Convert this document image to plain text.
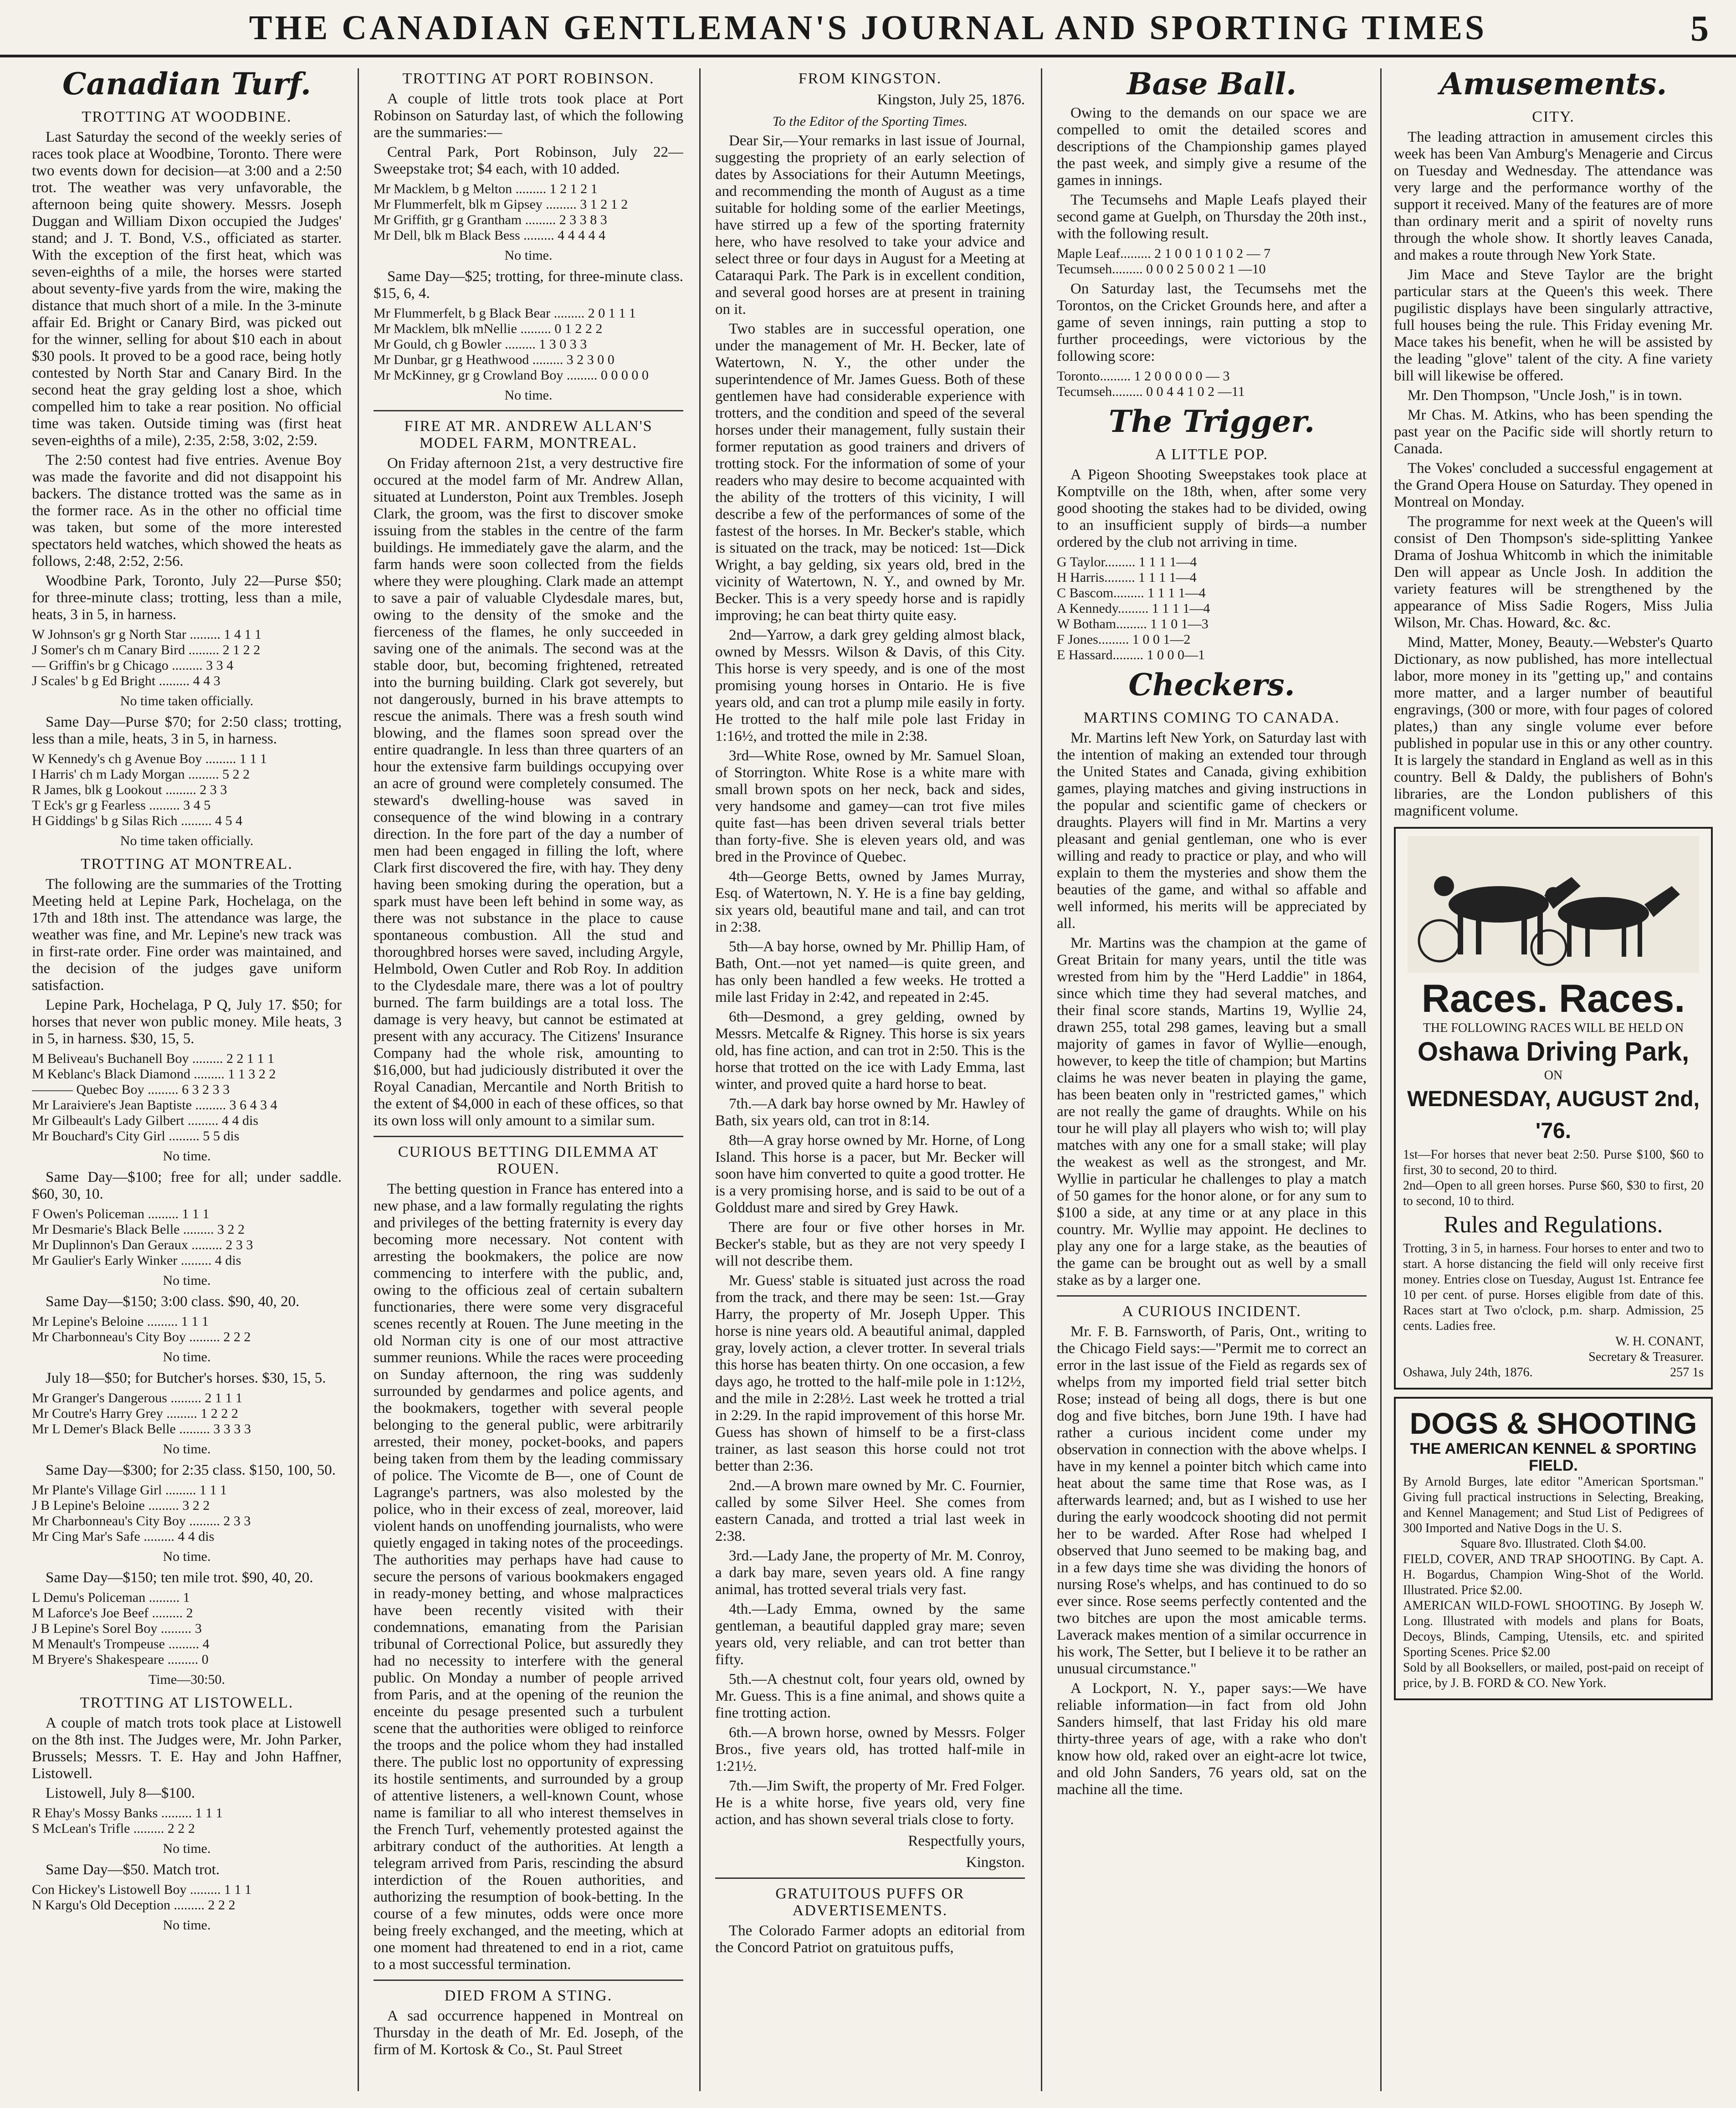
THE CANADIAN GENTLEMAN'S JOURNAL AND SPORTING TIMES	5
Canadian Turf.
TROTTING AT WOODBINE.

Last Saturday the second of the weekly series of races took place at Woodbine, Toronto. There were two events down for decision—at 3:00 and a 2:50 trot. The weather was very unfavorable, the afternoon being quite showery. Messrs. Joseph Duggan and William Dixon occupied the Judges' stand; and J. T. Bond, V.S., officiated as starter. With the exception of the first heat, which was seven-eighths of a mile, the horses were started about seventy-five yards from the wire, making the distance that much short of a mile. In the 3-minute affair Ed. Bright or Canary Bird, was picked out for the winner, selling for about $10 each in about $30 pools. It proved to be a good race, being hotly contested by North Star and Canary Bird. In the second heat the gray gelding lost a shoe, which compelled him to take a rear position. No official time was taken. Outside timing was (first heat seven-eighths of a mile), 2:35, 2:58, 3:02, 2:59.

The 2:50 contest had five entries. Avenue Boy was made the favorite and did not disappoint his backers. The distance trotted was the same as in the former race. As in the other no official time was taken, but some of the more interested spectators held watches, which showed the heats as follows, 2:48, 2:52, 2:56.

Woodbine Park, Toronto, July 22—Purse $50; for three-minute class; trotting, less than a mile, heats, 3 in 5, in harness.

W Johnson's gr g North Star ......... 1 4 1 1
J Somer's ch m Canary Bird ......... 2 1 2 2
— Griffin's br g Chicago ......... 3 3 4
J Scales' b g Ed Bright ......... 4 4 3
No time taken officially.

Same Day—Purse $70; for 2:50 class; trotting, less than a mile, heats, 3 in 5, in harness.

W Kennedy's ch g Avenue Boy ......... 1 1 1
I Harris' ch m Lady Morgan ......... 5 2 2
R James, blk g Lookout ......... 2 3 3
T Eck's gr g Fearless ......... 3 4 5
H Giddings' b g Silas Rich ......... 4 5 4
No time taken officially.
TROTTING AT MONTREAL.

The following are the summaries of the Trotting Meeting held at Lepine Park, Hochelaga, on the 17th and 18th inst. The attendance was large, the weather was fine, and Mr. Lepine's new track was in first-rate order. Fine order was maintained, and the decision of the judges gave uniform satisfaction.

Lepine Park, Hochelaga, P Q, July 17. $50; for horses that never won public money. Mile heats, 3 in 5, in harness. $30, 15, 5.

M Beliveau's Buchanell Boy ......... 2 2 1 1 1
M Keblanc's Black Diamond ......... 1 1 3 2 2
——— Quebec Boy ......... 6 3 2 3 3
Mr Laraiviere's Jean Baptiste ......... 3 6 4 3 4
Mr Gilbeault's Lady Gilbert ......... 4 4 dis
Mr Bouchard's City Girl ......... 5 5 dis
No time.

Same Day—$100; free for all; under saddle. $60, 30, 10.

F Owen's Policeman ......... 1 1 1
Mr Desmarie's Black Belle ......... 3 2 2
Mr Duplinnon's Dan Geraux ......... 2 3 3
Mr Gaulier's Early Winker ......... 4 dis
No time.

Same Day—$150; 3:00 class. $90, 40, 20.

Mr Lepine's Beloine ......... 1 1 1
Mr Charbonneau's City Boy ......... 2 2 2
No time.

July 18—$50; for Butcher's horses. $30, 15, 5.

Mr Granger's Dangerous ......... 2 1 1 1
Mr Coutre's Harry Grey ......... 1 2 2 2
Mr L Demer's Black Belle ......... 3 3 3 3
No time.

Same Day—$300; for 2:35 class. $150, 100, 50.

Mr Plante's Village Girl ......... 1 1 1
J B Lepine's Beloine ......... 3 2 2
Mr Charbonneau's City Boy ......... 2 3 3
Mr Cing Mar's Safe ......... 4 4 dis
No time.

Same Day—$150; ten mile trot. $90, 40, 20.

L Demu's Policeman ......... 1
M Laforce's Joe Beef ......... 2
J B Lepine's Sorel Boy ......... 3
M Menault's Trompeuse ......... 4
M Bryere's Shakespeare ......... 0
Time—30:50.
TROTTING AT LISTOWELL.

A couple of match trots took place at Listowell on the 8th inst. The Judges were, Mr. John Parker, Brussels; Messrs. T. E. Hay and John Haffner, Listowell.

Listowell, July 8—$100.

R Ehay's Mossy Banks ......... 1 1 1
S McLean's Trifle ......... 2 2 2
No time.

Same Day—$50. Match trot.

Con Hickey's Listowell Boy ......... 1 1 1
N Kargu's Old Deception ......... 2 2 2
No time.
TROTTING AT PORT ROBINSON.

A couple of little trots took place at Port Robinson on Saturday last, of which the following are the summaries:—

Central Park, Port Robinson, July 22—Sweepstake trot; $4 each, with 10 added.

Mr Macklem, b g Melton ......... 1 2 1 2 1
Mr Flummerfelt, blk m Gipsey ......... 3 1 2 1 2
Mr Griffith, gr g Grantham ......... 2 3 3 8 3
Mr Dell, blk m Black Bess ......... 4 4 4 4 4
No time.

Same Day—$25; trotting, for three-minute class. $15, 6, 4.

Mr Flummerfelt, b g Black Bear ......... 2 0 1 1 1
Mr Macklem, blk mNellie ......... 0 1 2 2 2
Mr Gould, ch g Bowler ......... 1 3 0 3 3
Mr Dunbar, gr g Heathwood ......... 3 2 3 0 0
Mr McKinney, gr g Crowland Boy ......... 0 0 0 0 0
No time.
FIRE AT MR. ANDREW ALLAN'S MODEL FARM, MONTREAL.

On Friday afternoon 21st, a very destructive fire occured at the model farm of Mr. Andrew Allan, situated at Lunderston, Point aux Trembles. Joseph Clark, the groom, was the first to discover smoke issuing from the stables in the centre of the farm buildings. He immediately gave the alarm, and the farm hands were soon collected from the fields where they were ploughing. Clark made an attempt to save a pair of valuable Clydesdale mares, but, owing to the density of the smoke and the fierceness of the flames, he only succeeded in saving one of the animals. The second was at the stable door, but, becoming frightened, retreated into the burning building. Clark got severely, but not dangerously, burned in his brave attempts to rescue the animals. There was a fresh south wind blowing, and the flames soon spread over the entire quadrangle. In less than three quarters of an hour the extensive farm buildings occupying over an acre of ground were completely consumed. The steward's dwelling-house was saved in consequence of the wind blowing in a contrary direction. In the fore part of the day a number of men had been engaged in filling the loft, where Clark first discovered the fire, with hay. They deny having been smoking during the operation, but a spark must have been left behind in some way, as there was not substance in the place to cause spontaneous combustion. All the stud and thoroughbred horses were saved, including Argyle, Helmbold, Owen Cutler and Rob Roy. In addition to the Clydesdale mare, there was a lot of poultry burned. The farm buildings are a total loss. The damage is very heavy, but cannot be estimated at present with any accuracy. The Citizens' Insurance Company had the whole risk, amounting to $16,000, but had judiciously distributed it over the Royal Canadian, Mercantile and North British to the extent of $4,000 in each of these offices, so that its own loss will only amount to a similar sum.

CURIOUS BETTING DILEMMA AT ROUEN.

The betting question in France has entered into a new phase, and a law formally regulating the rights and privileges of the betting fraternity is every day becoming more necessary. Not content with arresting the bookmakers, the police are now commencing to interfere with the public, and, owing to the officious zeal of certain subaltern functionaries, there were some very disgraceful scenes recently at Rouen. The June meeting in the old Norman city is one of our most attractive summer reunions. While the races were proceeding on Sunday afternoon, the ring was suddenly surrounded by gendarmes and police agents, and the bookmakers, together with several people belonging to the general public, were arbitrarily arrested, their money, pocket-books, and papers being taken from them by the leading commissary of police. The Vicomte de B—, one of Count de Lagrange's partners, was also molested by the police, who in their excess of zeal, moreover, laid violent hands on unoffending journalists, who were quietly engaged in taking notes of the proceedings. The authorities may perhaps have had cause to secure the persons of various bookmakers engaged in ready-money betting, and whose malpractices have been recently visited with their condemnations, emanating from the Parisian tribunal of Correctional Police, but assuredly they had no necessity to interfere with the general public. On Monday a number of people arrived from Paris, and at the opening of the reunion the enceinte du pesage presented such a turbulent scene that the authorities were obliged to reinforce the troops and the police whom they had installed there. The public lost no opportunity of expressing its hostile sentiments, and surrounded by a group of attentive listeners, a well-known Count, whose name is familiar to all who interest themselves in the French Turf, vehemently protested against the arbitrary conduct of the authorities. At length a telegram arrived from Paris, rescinding the absurd interdiction of the Rouen authorities, and authorizing the resumption of book-betting. In the course of a few minutes, odds were once more being freely exchanged, and the meeting, which at one moment had threatened to end in a riot, came to a most successful termination.

DIED FROM A STING.

A sad occurrence happened in Montreal on Thursday in the death of Mr. Ed. Joseph, of the firm of M. Kortosk & Co., St. Paul Street

FROM KINGSTON.
Kingston, July 25, 1876.
To the Editor of the Sporting Times.

Dear Sir,—Your remarks in last issue of Journal, suggesting the propriety of an early selection of dates by Associations for their Autumn Meetings, and recommending the month of August as a time suitable for holding some of the earlier Meetings, have stirred up a few of the sporting fraternity here, who have resolved to take your advice and select three or four days in August for a Meeting at Cataraqui Park. The Park is in excellent condition, and several good horses are at present in training on it.

Two stables are in successful operation, one under the management of Mr. H. Becker, late of Watertown, N. Y., the other under the superintendence of Mr. James Guess. Both of these gentlemen have had considerable experience with trotters, and the condition and speed of the several horses under their management, fully sustain their former reputation as good trainers and drivers of trotting stock. For the information of some of your readers who may desire to become acquainted with the ability of the trotters of this vicinity, I will describe a few of the performances of some of the fastest of the horses. In Mr. Becker's stable, which is situated on the track, may be noticed: 1st—Dick Wright, a bay gelding, six years old, bred in the vicinity of Watertown, N. Y., and owned by Mr. Becker. This is a very speedy horse and is rapidly improving; he can beat thirty quite easy.

2nd—Yarrow, a dark grey gelding almost black, owned by Messrs. Wilson & Davis, of this City. This horse is very speedy, and is one of the most promising young horses in Ontario. He is five years old, and can trot a plump mile easily in forty. He trotted to the half mile pole last Friday in 1:16½, and trotted the mile in 2:38.

3rd—White Rose, owned by Mr. Samuel Sloan, of Storrington. White Rose is a white mare with small brown spots on her neck, back and sides, very handsome and gamey—can trot five miles quite fast—has been driven several trials better than forty-five. She is eleven years old, and was bred in the Province of Quebec.

4th—George Betts, owned by James Murray, Esq. of Watertown, N. Y. He is a fine bay gelding, six years old, beautiful mane and tail, and can trot in 2:38.

5th—A bay horse, owned by Mr. Phillip Ham, of Bath, Ont.—not yet named—is quite green, and has only been handled a few weeks. He trotted a mile last Friday in 2:42, and repeated in 2:45.

6th—Desmond, a grey gelding, owned by Messrs. Metcalfe & Rigney. This horse is six years old, has fine action, and can trot in 2:50. This is the horse that trotted on the ice with Lady Emma, last winter, and proved quite a hard horse to beat.

7th.—A dark bay horse owned by Mr. Hawley of Bath, six years old, can trot in 8:14.

8th—A gray horse owned by Mr. Horne, of Long Island. This horse is a pacer, but Mr. Becker will soon have him converted to quite a good trotter. He is a very promising horse, and is said to be out of a Golddust mare and sired by Grey Hawk.

There are four or five other horses in Mr. Becker's stable, but as they are not very speedy I will not describe them.

Mr. Guess' stable is situated just across the road from the track, and there may be seen: 1st.—Gray Harry, the property of Mr. Joseph Upper. This horse is nine years old. A beautiful animal, dappled gray, lovely action, a clever trotter. In several trials this horse has beaten thirty. On one occasion, a few days ago, he trotted to the half-mile pole in 1:12½, and the mile in 2:28½. Last week he trotted a trial in 2:29. In the rapid improvement of this horse Mr. Guess has shown of himself to be a first-class trainer, as last season this horse could not trot better than 2:36.

2nd.—A brown mare owned by Mr. C. Fournier, called by some Silver Heel. She comes from eastern Canada, and trotted a trial last week in 2:38.

3rd.—Lady Jane, the property of Mr. M. Conroy, a dark bay mare, seven years old. A fine rangy animal, has trotted several trials very fast.

4th.—Lady Emma, owned by the same gentleman, a beautiful dappled gray mare; seven years old, very reliable, and can trot better than fifty.

5th.—A chestnut colt, four years old, owned by Mr. Guess. This is a fine animal, and shows quite a fine trotting action.

6th.—A brown horse, owned by Messrs. Folger Bros., five years old, has trotted half-mile in 1:21½.

7th.—Jim Swift, the property of Mr. Fred Folger. He is a white horse, five years old, very fine action, and has shown several trials close to forty.

Respectfully yours,
Kingston.
GRATUITOUS PUFFS OR ADVERTISEMENTS.

The Colorado Farmer adopts an editorial from the Concord Patriot on gratuitous puffs,

Base Ball.

Owing to the demands on our space we are compelled to omit the detailed scores and descriptions of the Championship games played the past week, and simply give a resume of the games in innings.

The Tecumsehs and Maple Leafs played their second game at Guelph, on Thursday the 20th inst., with the following result.

Maple Leaf......... 2 1 0 0 1 0 1 0 2 — 7
Tecumseh......... 0 0 0 2 5 0 0 2 1 —10

On Saturday last, the Tecumsehs met the Torontos, on the Cricket Grounds here, and after a game of seven innings, rain putting a stop to further proceedings, were victorious by the following score:

Toronto......... 1 2 0 0 0 0 0 — 3
Tecumseh......... 0 0 4 4 1 0 2 —11
The Trigger.
A LITTLE POP.

A Pigeon Shooting Sweepstakes took place at Komptville on the 18th, when, after some very good shooting the stakes had to be divided, owing to an insufficient supply of birds—a number ordered by the club not arriving in time.

G Taylor......... 1 1 1 1—4
H Harris......... 1 1 1 1—4
C Bascom......... 1 1 1 1—4
A Kennedy......... 1 1 1 1—4
W Botham......... 1 1 0 1—3
F Jones......... 1 0 0 1—2
E Hassard......... 1 0 0 0—1
Checkers.
MARTINS COMING TO CANADA.

Mr. Martins left New York, on Saturday last with the intention of making an extended tour through the United States and Canada, giving exhibition games, playing matches and giving instructions in the popular and scientific game of checkers or draughts. Players will find in Mr. Martins a very pleasant and genial gentleman, one who is ever willing and ready to practice or play, and who will explain to them the mysteries and show them the beauties of the game, and withal so affable and well informed, his merits will be appreciated by all.

Mr. Martins was the champion at the game of Great Britain for many years, until the title was wrested from him by the "Herd Laddie" in 1864, since which time they had several matches, and their final score stands, Martins 19, Wyllie 24, drawn 255, total 298 games, leaving but a small majority of games in favor of Wyllie—enough, however, to keep the title of champion; but Martins claims he was never beaten in playing the game, has been beaten only in "restricted games," which are not really the game of draughts. While on his tour he will play all players who wish to; will play matches with any one for a small stake; will play the weakest as well as the strongest, and Mr. Wyllie in particular he challenges to play a match of 50 games for the honor alone, or for any sum to $100 a side, at any time or at any place in this country. Mr. Wyllie may appoint. He declines to play any one for a large stake, as the beauties of the game can be brought out as well by a small stake as by a larger one.

A CURIOUS INCIDENT.

Mr. F. B. Farnsworth, of Paris, Ont., writing to the Chicago Field says:—"Permit me to correct an error in the last issue of the Field as regards sex of whelps from my imported field trial setter bitch Rose; instead of being all dogs, there is but one dog and five bitches, born June 19th. I have had rather a curious incident come under my observation in connection with the above whelps. I have in my kennel a pointer bitch which came into heat about the same time that Rose was, as I afterwards learned; and, but as I wished to use her during the early woodcock shooting did not permit her to be warded. After Rose had whelped I observed that Juno seemed to be making bag, and in a few days time she was dividing the honors of nursing Rose's whelps, and has continued to do so ever since. Rose seems perfectly contented and the two bitches are upon the most amicable terms. Laverack makes mention of a similar occurrence in his work, The Setter, but I believe it to be rather an unusual circumstance."

A Lockport, N. Y., paper says:—We have reliable information—in fact from old John Sanders himself, that last Friday his old mare thirty-three years of age, with a rake who don't know how old, raked over an eight-acre lot twice, and old John Sanders, 76 years old, sat on the machine all the time.

Amusements.
CITY.

The leading attraction in amusement circles this week has been Van Amburg's Menagerie and Circus on Tuesday and Wednesday. The attendance was very large and the performance worthy of the support it received. Many of the features are of more than ordinary merit and a spirit of novelty runs through the whole show. It shortly leaves Canada, and makes a route through New York State.

Jim Mace and Steve Taylor are the bright particular stars at the Queen's this week. There pugilistic displays have been singularly attractive, full houses being the rule. This Friday evening Mr. Mace takes his benefit, when he will be assisted by the leading "glove" talent of the city. A fine variety bill will likewise be offered.

Mr. Den Thompson, "Uncle Josh," is in town.

Mr Chas. M. Atkins, who has been spending the past year on the Pacific side will shortly return to Canada.

The Vokes' concluded a successful engagement at the Grand Opera House on Saturday. They opened in Montreal on Monday.

The programme for next week at the Queen's will consist of Den Thompson's side-splitting Yankee Drama of Joshua Whitcomb in which the inimitable Den will appear as Uncle Josh. In addition the variety features will be strengthened by the appearance of Miss Sadie Rogers, Miss Julia Wilson, Mr. Chas. Howard, &c. &c.

Mind, Matter, Money, Beauty.—Webster's Quarto Dictionary, as now published, has more intellectual labor, more money in its "getting up," and contains more matter, and a larger number of beautiful engravings, (300 or more, with four pages of colored plates,) than any single volume ever before published in popular use in this or any other country. It is largely the standard in England as well as in this country. Bell & Daldy, the publishers of Bohn's libraries, are the London publishers of this magnificent volume.

Races. Races.
THE FOLLOWING RACES WILL BE HELD ON
Oshawa Driving Park,
ON
WEDNESDAY, AUGUST 2nd, '76.
1st—For horses that never beat 2:50. Purse $100, $60 to first, 30 to second, 20 to third.
2nd—Open to all green horses. Purse $60, $30 to first, 20 to second, 10 to third.
Rules and Regulations.
Trotting, 3 in 5, in harness. Four horses to enter and two to start. A horse distancing the field will only receive first money. Entries close on Tuesday, August 1st. Entrance fee 10 per cent. of purse. Horses eligible from date of this. Races start at Two o'clock, p.m. sharp. Admission, 25 cents. Ladies free.
W. H. CONANT,
Secretary & Treasurer.
Oshawa, July 24th, 1876.	257 1s
DOGS & SHOOTING
THE AMERICAN KENNEL & SPORTING FIELD.
By Arnold Burges, late editor "American Sportsman." Giving full practical instructions in Selecting, Breaking, and Kennel Management; and Stud List of Pedigrees of 300 Imported and Native Dogs in the U. S.
Square 8vo. Illustrated. Cloth $4.00.
FIELD, COVER, AND TRAP SHOOTING. By Capt. A. H. Bogardus, Champion Wing-Shot of the World. Illustrated. Price $2.00.
AMERICAN WILD-FOWL SHOOTING. By Joseph W. Long. Illustrated with models and plans for Boats, Decoys, Blinds, Camping, Utensils, etc. and spirited Sporting Scenes. Price $2.00
Sold by all Booksellers, or mailed, post-paid on receipt of price, by J. B. FORD & CO. New York.
